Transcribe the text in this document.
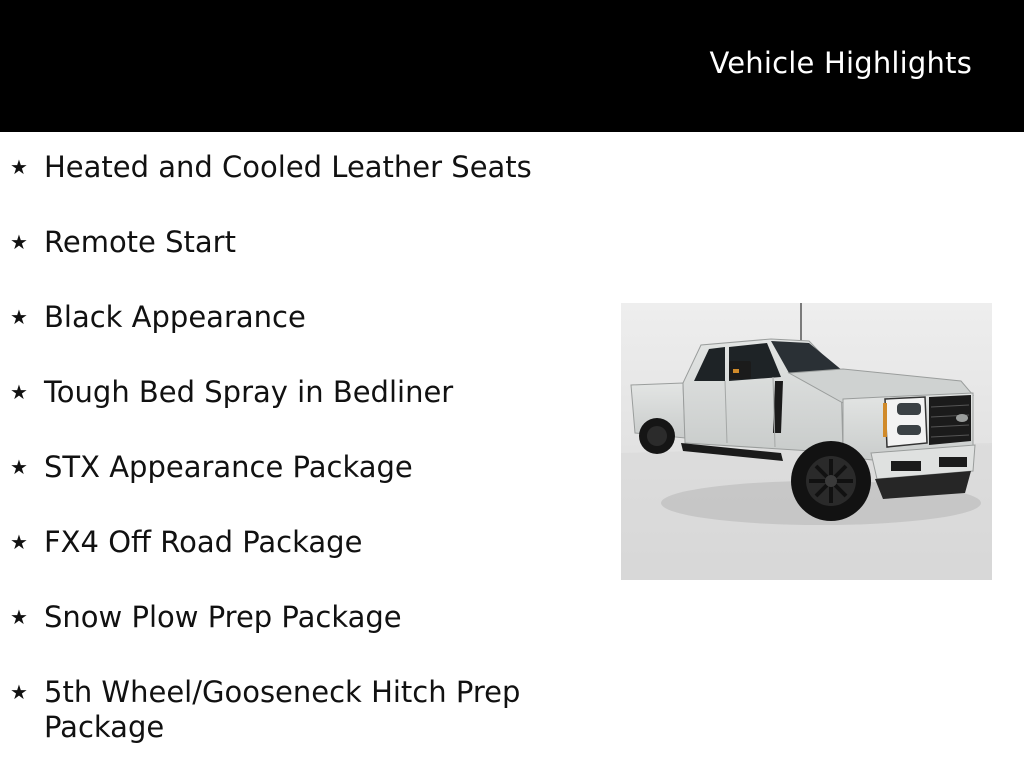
Vehicle Highlights
★ Heated and Cooled Leather Seats
★ Remote Start
★ Black Appearance
★ Tough Bed Spray in Bedliner
★ STX Appearance Package
★ FX4 Off Road Package
★ Snow Plow Prep Package
★ 5th Wheel/Gooseneck Hitch Prep Package
